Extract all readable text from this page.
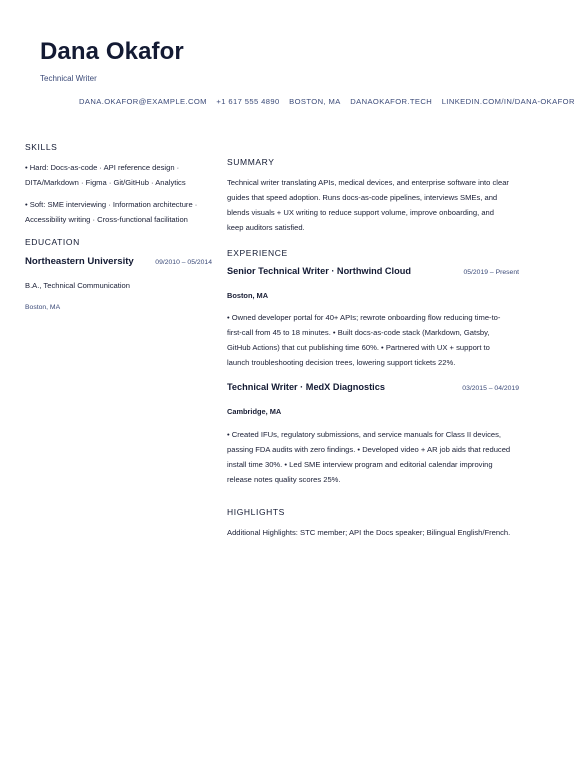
Dana Okafor
Technical Writer
DANA.OKAFOR@EXAMPLE.COM +1 617 555 4890 BOSTON, MA DANAOKAFOR.TECH LINKEDIN.COM/IN/DANA-OKAFOR
SKILLS
• Hard: Docs-as-code · API reference design ·
DITA/Markdown · Figma · Git/GitHub · Analytics
• Soft: SME interviewing · Information architecture ·
Accessibility writing · Cross-functional facilitation
EDUCATION
Northeastern University	09/2010 – 05/2014
B.A., Technical Communication
Boston, MA
SUMMARY
Technical writer translating APIs, medical devices, and enterprise software into clear
guides that speed adoption. Runs docs-as-code pipelines, interviews SMEs, and
blends visuals + UX writing to reduce support volume, improve onboarding, and
keep auditors satisfied.
EXPERIENCE
Senior Technical Writer · Northwind Cloud	05/2019 – Present
Boston, MA
• Owned developer portal for 40+ APIs; rewrote onboarding flow reducing time-to-
first-call from 45 to 18 minutes. • Built docs-as-code stack (Markdown, Gatsby,
GitHub Actions) that cut publishing time 60%. • Partnered with UX + support to
launch troubleshooting decision trees, lowering support tickets 22%.
Technical Writer · MedX Diagnostics	03/2015 – 04/2019
Cambridge, MA
• Created IFUs, regulatory submissions, and service manuals for Class II devices,
passing FDA audits with zero findings. • Developed video + AR job aids that reduced
install time 30%. • Led SME interview program and editorial calendar improving
release notes quality scores 25%.
HIGHLIGHTS
Additional Highlights: STC member; API the Docs speaker; Bilingual English/French.
